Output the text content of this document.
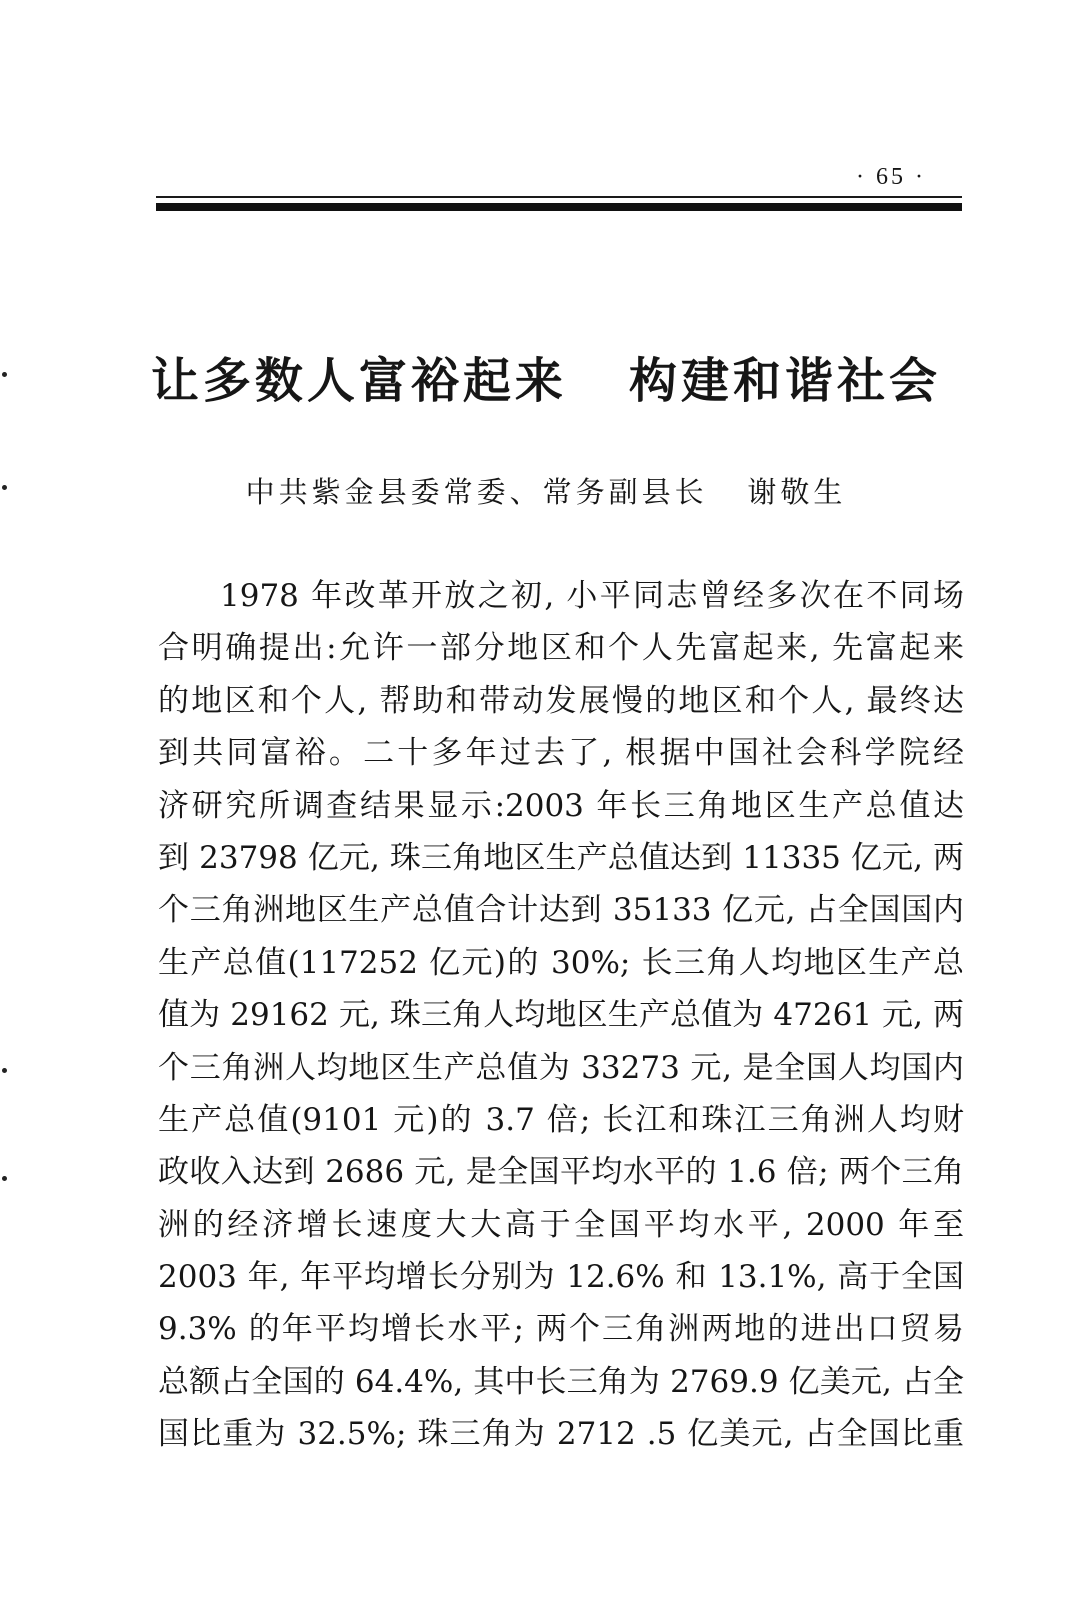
· 65 ·
让多数人富裕起来   构建和谐社会
中共紫金县委常委、常务副县长   谢敬生
1978 年改革开放之初, 小平同志曾经多次在不同场
合明确提出:允许一部分地区和个人先富起来, 先富起来
的地区和个人, 帮助和带动发展慢的地区和个人, 最终达
到共同富裕。二十多年过去了, 根据中国社会科学院经
济研究所调查结果显示:2003 年长三角地区生产总值达
到 23798 亿元, 珠三角地区生产总值达到 11335 亿元, 两
个三角洲地区生产总值合计达到 35133 亿元, 占全国国内
生产总值(117252 亿元)的 30%; 长三角人均地区生产总
值为 29162 元, 珠三角人均地区生产总值为 47261 元, 两
个三角洲人均地区生产总值为 33273 元, 是全国人均国内
生产总值(9101 元)的 3.7 倍; 长江和珠江三角洲人均财
政收入达到 2686 元, 是全国平均水平的 1.6 倍; 两个三角
洲的经济增长速度大大高于全国平均水平, 2000 年至
2003 年, 年平均增长分别为 12.6% 和 13.1%, 高于全国
9.3% 的年平均增长水平; 两个三角洲两地的进出口贸易
总额占全国的 64.4%, 其中长三角为 2769.9 亿美元, 占全
国比重为 32.5%; 珠三角为 2712 .5 亿美元, 占全国比重
